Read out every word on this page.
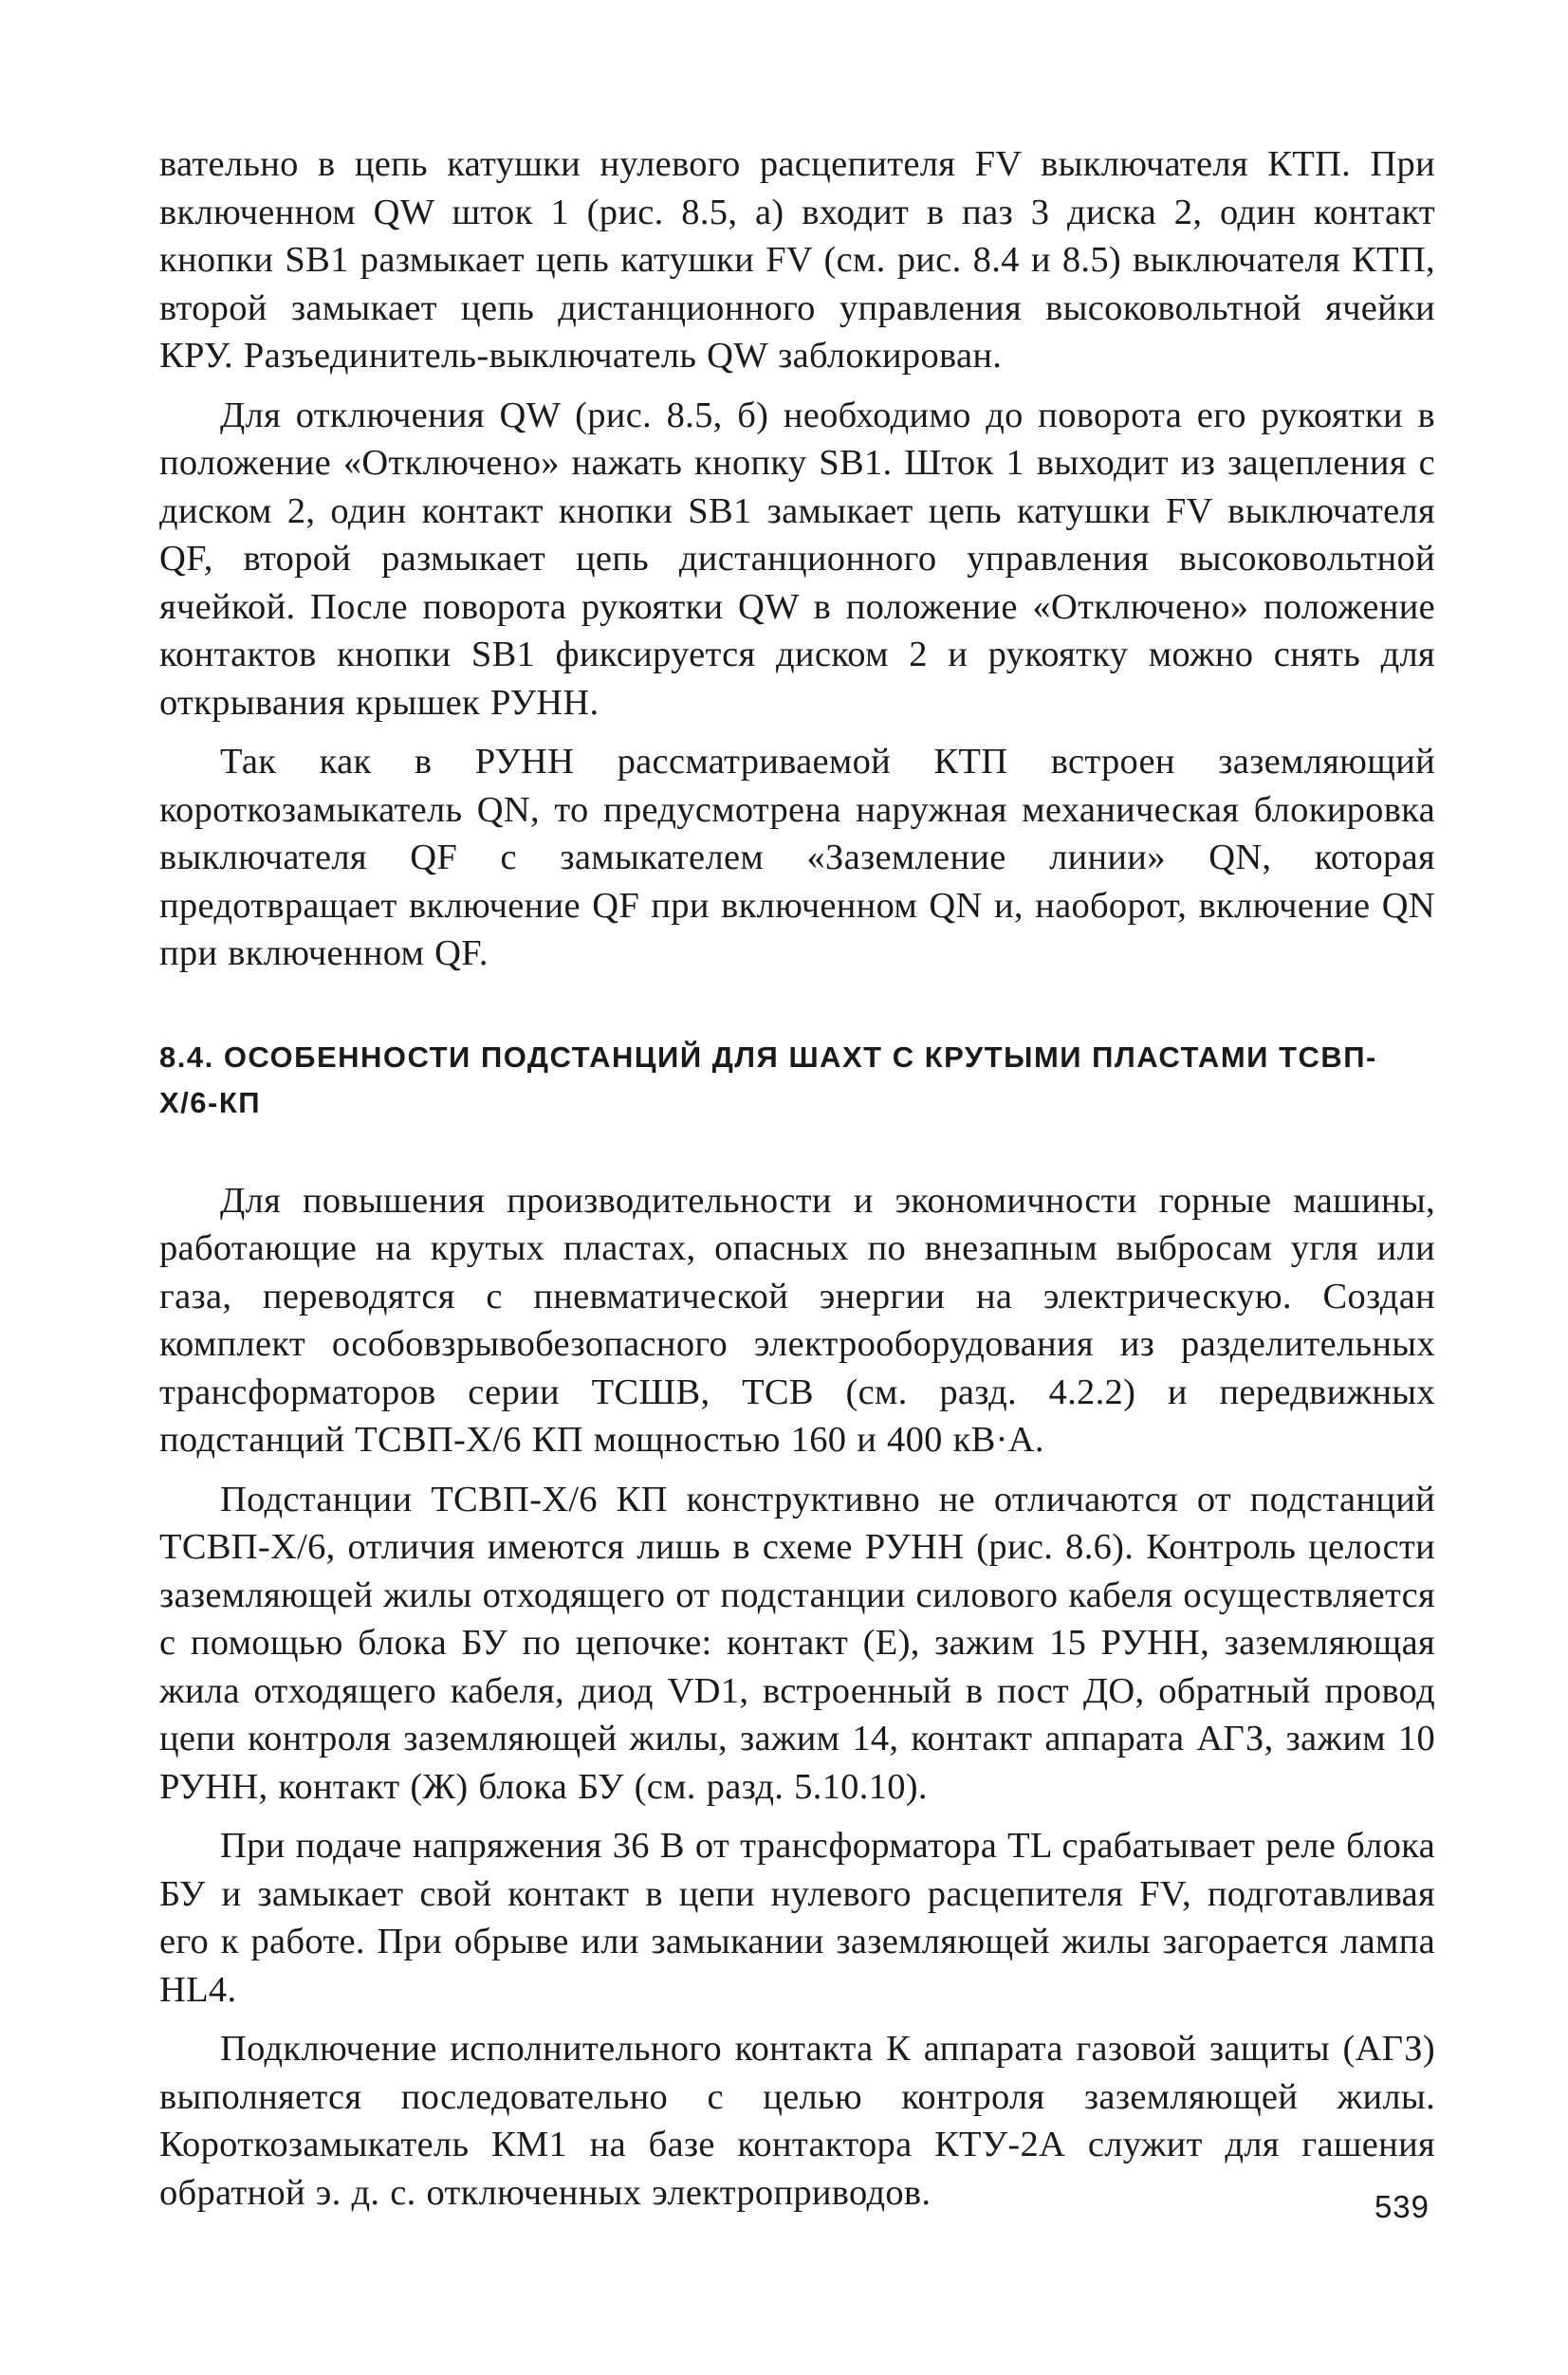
вательно в цепь катушки нулевого расцепителя FV выключателя КТП. При включенном QW шток 1 (рис. 8.5, а) входит в паз 3 диска 2, один контакт кнопки SB1 размыкает цепь катушки FV (см. рис. 8.4 и 8.5) выключателя КТП, второй замыкает цепь дистанционного управления высоковольтной ячейки КРУ. Разъединитель-выключатель QW заблокирован.

Для отключения QW (рис. 8.5, б) необходимо до поворота его рукоятки в положение «Отключено» нажать кнопку SB1. Шток 1 выходит из зацепления с диском 2, один контакт кнопки SB1 замыкает цепь катушки FV выключателя QF, второй размыкает цепь дистанционного управления высоковольтной ячейкой. После поворота рукоятки QW в положение «Отключено» положение контактов кнопки SB1 фиксируется диском 2 и рукоятку можно снять для открывания крышек РУНН.

Так как в РУНН рассматриваемой КТП встроен заземляющий короткозамыкатель QN, то предусмотрена наружная механическая блокировка выключателя QF с замыкателем «Заземление линии» QN, которая предотвращает включение QF при включенном QN и, наоборот, включение QN при включенном QF.

8.4. ОСОБЕННОСТИ ПОДСТАНЦИЙ ДЛЯ ШАХТ С КРУТЫМИ ПЛАСТАМИ ТСВП-Х/6-КП

Для повышения производительности и экономичности горные машины, работающие на крутых пластах, опасных по внезапным выбросам угля или газа, переводятся с пневматической энергии на электрическую. Создан комплект особовзрывобезопасного электрооборудования из разделительных трансформаторов серии ТСШВ, ТСВ (см. разд. 4.2.2) и передвижных подстанций ТСВП-Х/6 КП мощностью 160 и 400 кВ·А.

Подстанции ТСВП-Х/6 КП конструктивно не отличаются от подстанций ТСВП-Х/6, отличия имеются лишь в схеме РУНН (рис. 8.6). Контроль целости заземляющей жилы отходящего от подстанции силового кабеля осуществляется с помощью блока БУ по цепочке: контакт (Е), зажим 15 РУНН, заземляющая жила отходящего кабеля, диод VD1, встроенный в пост ДО, обратный провод цепи контроля заземляющей жилы, зажим 14, контакт аппарата АГЗ, зажим 10 РУНН, контакт (Ж) блока БУ (см. разд. 5.10.10).

При подаче напряжения 36 В от трансформатора TL срабатывает реле блока БУ и замыкает свой контакт в цепи нулевого расцепителя FV, подготавливая его к работе. При обрыве или замыкании заземляющей жилы загорается лампа HL4.

Подключение исполнительного контакта К аппарата газовой защиты (АГЗ) выполняется последовательно с целью контроля заземляющей жилы. Короткозамыкатель КМ1 на базе контактора КТУ-2А служит для гашения обратной э. д. с. отключенных электроприводов.	539
